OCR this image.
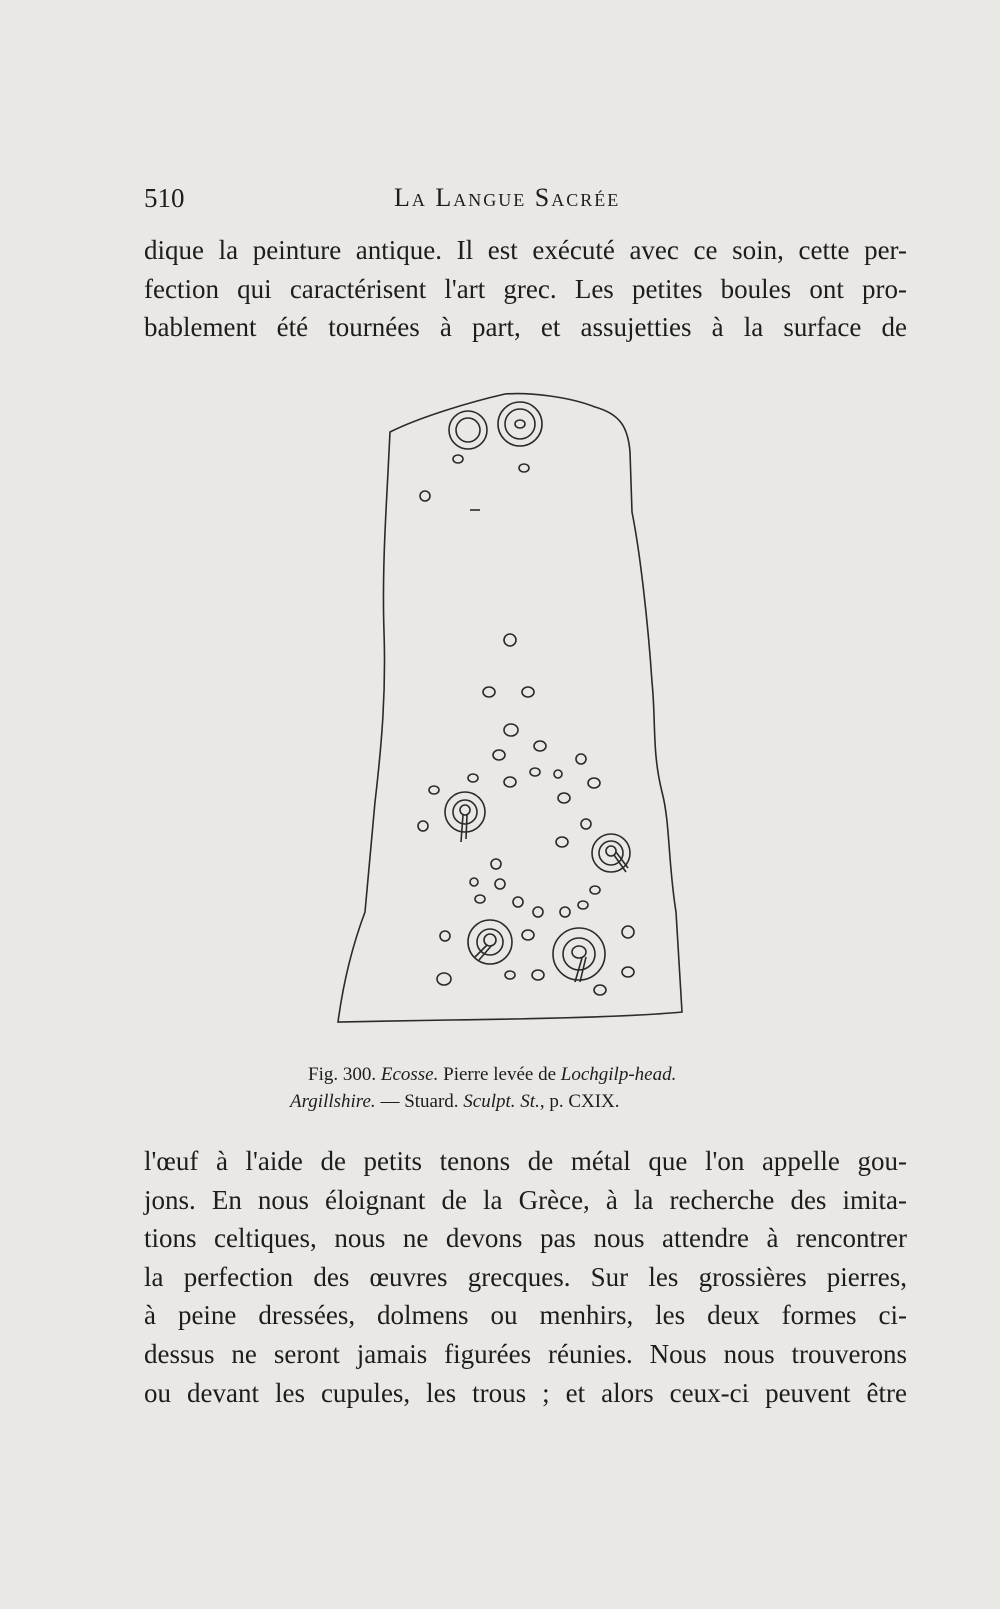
510	La Langue Sacrée
dique la peinture antique. Il est exécuté avec ce soin, cette per-
fection qui caractérisent l'art grec. Les petites boules ont pro-
bablement été tournées à part, et assujetties à la surface de
Fig. 300. Ecosse. Pierre levée de Lochgilp-head.
Argillshire. — Stuard. Sculpt. St., p. CXIX.
l'œuf à l'aide de petits tenons de métal que l'on appelle gou-
jons. En nous éloignant de la Grèce, à la recherche des imita-
tions celtiques, nous ne devons pas nous attendre à rencontrer
la perfection des œuvres grecques. Sur les grossières pierres,
à peine dressées, dolmens ou menhirs, les deux formes ci-
dessus ne seront jamais figurées réunies. Nous nous trouverons
ou devant les cupules, les trous ; et alors ceux-ci peuvent être
